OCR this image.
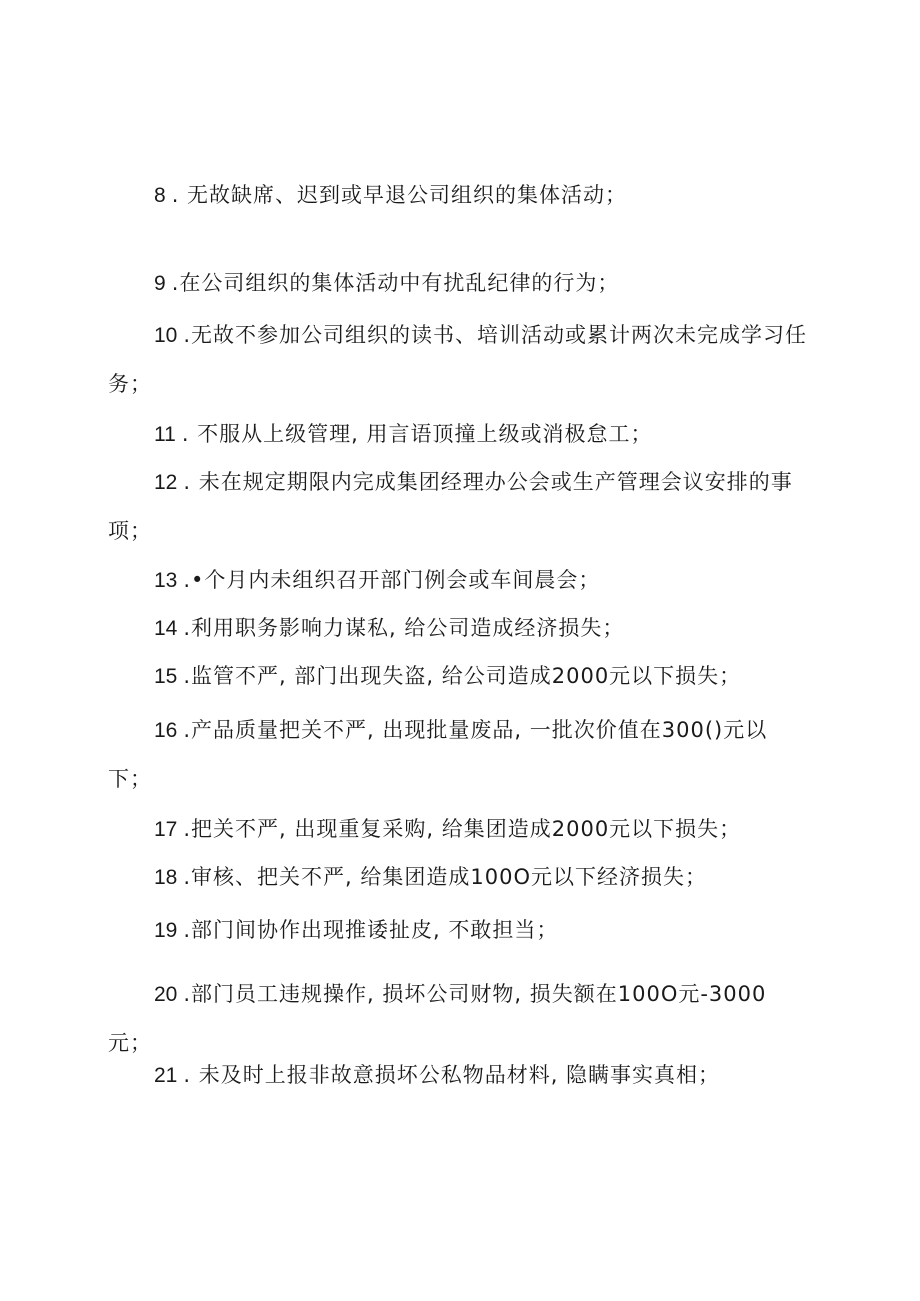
8 . 无故缺席、迟到或早退公司组织的集体活动；

9 .在公司组织的集体活动中有扰乱纪律的行为；

10 .无故不参加公司组织的读书、培训活动或累计两次未完成学习任务；

11 . 不服从上级管理, 用言语顶撞上级或消极怠工；

12 . 未在规定期限内完成集团经理办公会或生产管理会议安排的事项；

13 .•个月内未组织召开部门例会或车间晨会；

14 .利用职务影响力谋私, 给公司造成经济损失；

15 .监管不严, 部门出现失盗, 给公司造成2000元以下损失；

16 .产品质量把关不严, 出现批量废品, 一批次价值在300()元以下；

17 .把关不严, 出现重复采购, 给集团造成2000元以下损失；

18 .审核、把关不严, 给集团造成100O元以下经济损失；

19 .部门间协作出现推诿扯皮, 不敢担当；

20 .部门员工违规操作, 损坏公司财物, 损失额在100O元-3000元；

21 . 未及时上报非故意损坏公私物品材料, 隐瞒事实真相；
